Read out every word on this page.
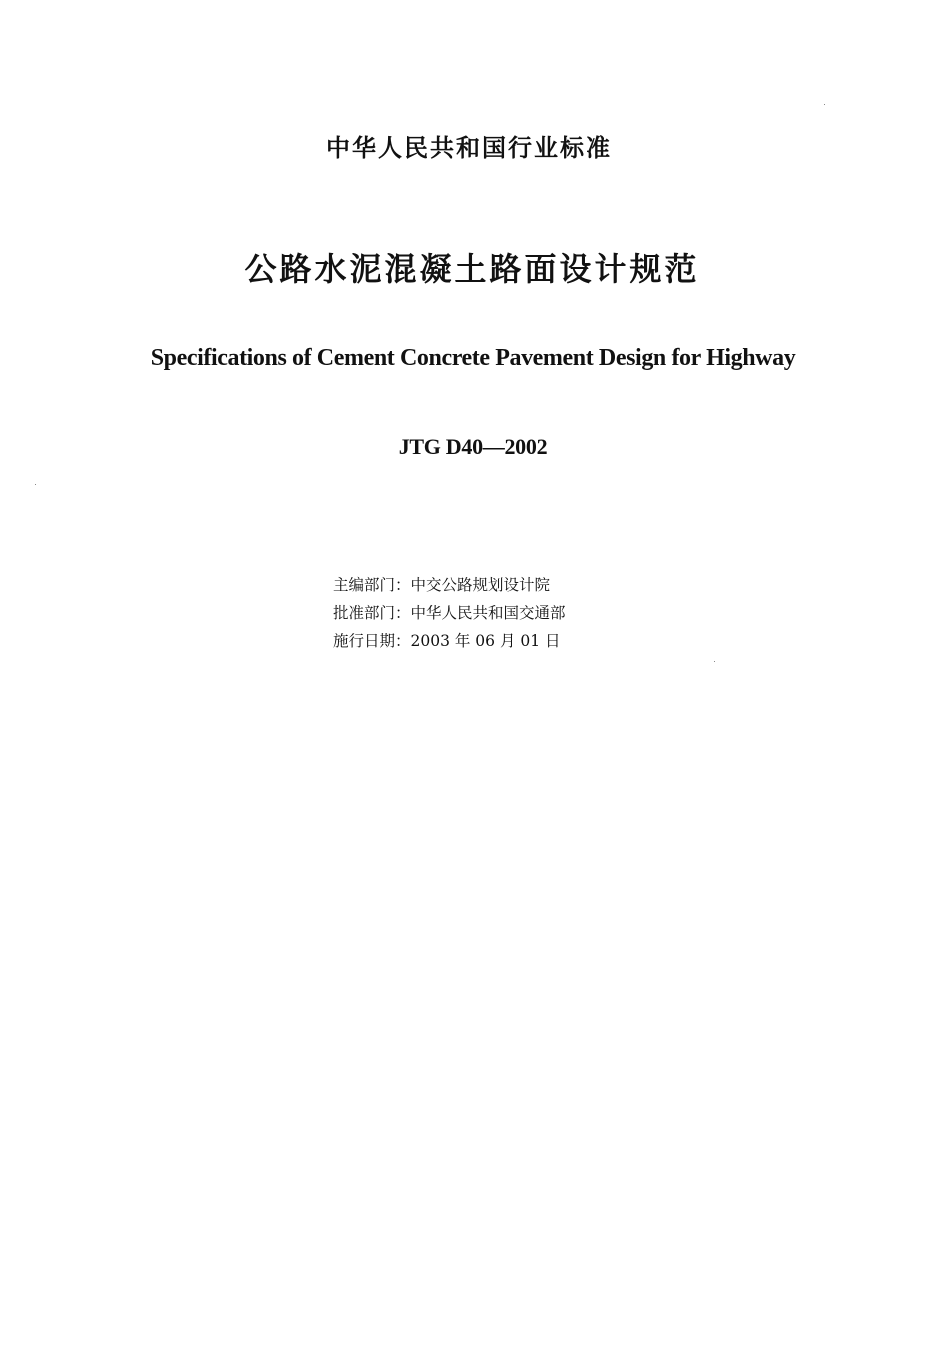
中华人民共和国行业标准
公路水泥混凝土路面设计规范
Specifications of Cement Concrete Pavement Design for Highway
JTG D40—2002
主编部门：中交公路规划设计院
批准部门：中华人民共和国交通部
施行日期：2003 年 06 月 01 日
